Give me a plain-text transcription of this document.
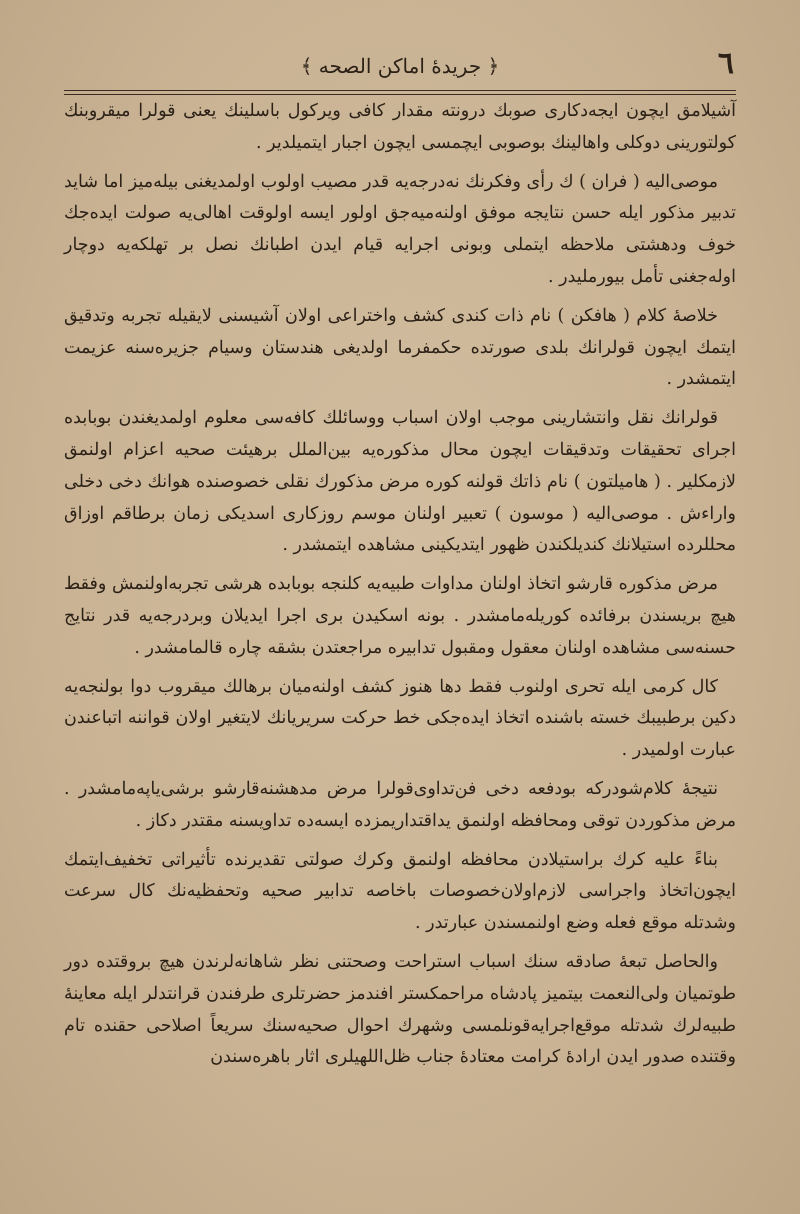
٦
﴿ جريدهٔ اماكن الصحه ﴾

آشیلامق ایچون ایجه‌دكاری صوبك درونته مقدار كافی ویركول باسلینك یعنی قولرا میقروبنك كولتورینی دوكلی واهالینك بوصوبی ایچمسی ایچون اجبار ایتمیلدیر .

موصی‌الیه ( فران ) ك رأی وفكرنك نه‌درجه‌یه قدر مصیب اولوب اولمدیغنی بیله‌میز اما شاید تدبیر مذكور ایله حسن نتایجه موفق اولنه‌میه‌جق اولور ایسه اولوقت اهالی‌یه صولت ایده‌جك خوف ودهشتی ملاحظه ایتملی وبونی اجرایه قیام ایدن اطبانك نصل بر تهلكه‌یه دوچار اوله‌جغنی تأمل بیورملیدر .

خلاصهٔ كلام ( هافكن ) نام ذات كندی كشف واختراعی اولان آشیسنی لایقیله تجربه وتدقیق ایتمك ایچون قولرانك بلدی صورتده حكمفرما اولدیغی هندستان وسیام جزیره‌سنه عزیمت ایتمشدر .

قولرانك نقل وانتشارینی موجب اولان اسباب ووسائلك كافه‌سی معلوم اولمدیغندن بوبابده اجرای تحقیقات وتدقیقات ایچون محال مذكوره‌یه بین‌الملل برهیئت صحیه اعزام اولنمق لازمكلیر . ( هامیلتون ) نام ذاتك قولنه كوره مرض مذكورك نقلی خصوصنده هوانك دخی دخلی واراءش . موصی‌الیه ( موسون ) تعبیر اولنان موسم روزكاری اسدیكی زمان برطاقم اوزاق محللرده استیلانك كندیلكندن ظهور ایتدیكینی مشاهده ایتمشدر .

مرض مذكوره قارشو اتخاذ اولنان مداوات طبیه‌یه كلنجه بوبابده هرشی تجربه‌اولنمش وفقط هیچ بریسندن برفائده كوریله‌مامشدر . بونه اسكیدن بری اجرا ایدیلان وبردرجه‌یه قدر نتایج حسنه‌سی مشاهده اولنان معقول ومقبول تدابیره مراجعتدن بشقه چاره قالمامشدر .

كال كرمی ایله تحری اولنوب فقط دها هنوز كشف اولنه‌میان برهالك میقروب دوا بولنجه‌یه دكین برطبیبك خسته باشنده اتخاذ ایده‌جكی خط حركت سریریانك لایتغیر اولان قواننه اتباعندن عبارت اولمیدر .

نتیجهٔ كلام‌شودركه بودفعه دخی فن‌تداوی‌قولرا مرض مدهشنه‌قارشو برشی‌یاپه‌مامشدر . مرض مذكوردن توقی ومحافظه اولنمق یداقتداریمزده ایسه‌ده تداویسنه مقتدر دكاز .

بناءً علیه كرك براستیلادن محافظه اولنمق وكرك صولتی تقدیرنده تأثیراتی تخفیف‌ایتمك ایچون‌اتخاذ واجراسی لازم‌اولان‌خصوصات باخاصه تدابیر صحیه وتحفظیه‌نك كال سرعت وشدتله موقع فعله وضع اولنمسندن عبارتدر .

والحاصل تبعهٔ صادقه سنك اسباب استراحت وصحتنی نظر شاهانه‌لرندن هیچ بروقتده دور طوتمیان ولی‌النعمت بیتمیز پادشاه مراحمكستر افندمز حضرتلری طرفندن قرانتدلر ایله معاینهٔ طبیه‌لرك شدتله موقع‌اجرایه‌قونلمسی وشهرك احوال صحیه‌سنك سریعاً اصلاحی حقنده تام وقتنده صدور ایدن ارادهٔ كرامت معتادهٔ جناب ظل‌اللهیلری اثار باهره‌سندن
